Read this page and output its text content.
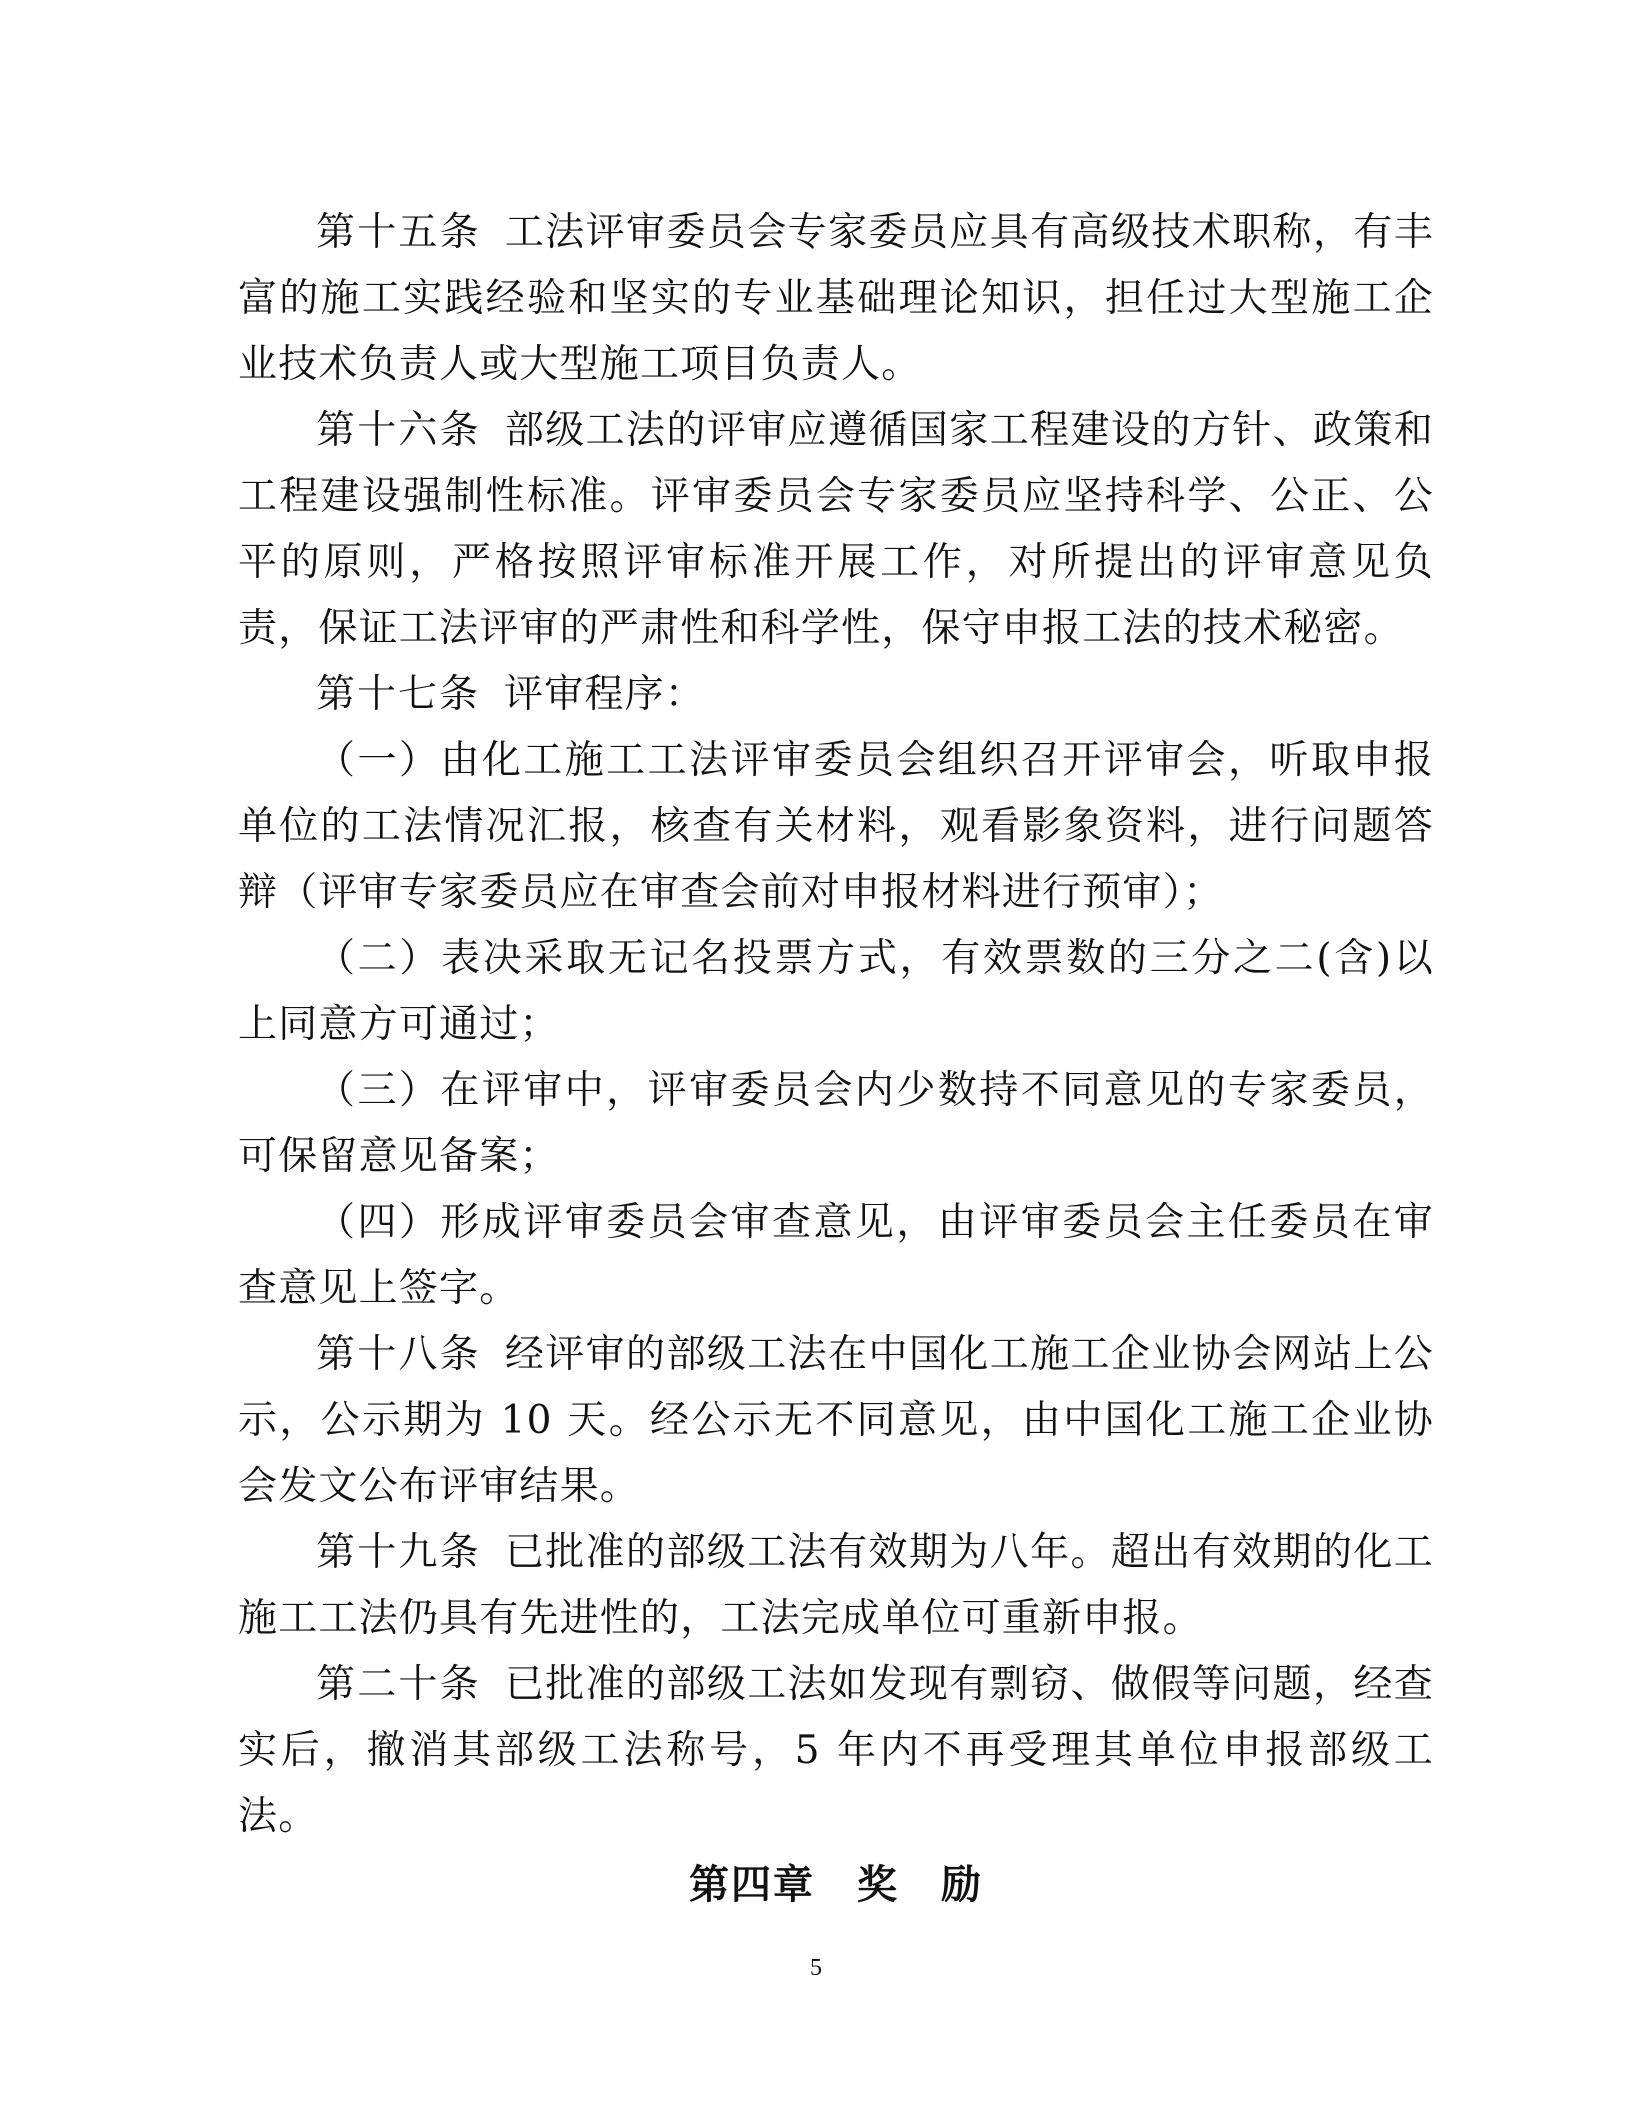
第十五条 工法评审委员会专家委员应具有高级技术职称，有丰富的施工实践经验和坚实的专业基础理论知识，担任过大型施工企业技术负责人或大型施工项目负责人。

第十六条 部级工法的评审应遵循国家工程建设的方针、政策和工程建设强制性标准。评审委员会专家委员应坚持科学、公正、公平的原则，严格按照评审标准开展工作，对所提出的评审意见负责，保证工法评审的严肃性和科学性，保守申报工法的技术秘密。

第十七条 评审程序：

（一）由化工施工工法评审委员会组织召开评审会，听取申报单位的工法情况汇报，核查有关材料，观看影象资料，进行问题答辩（评审专家委员应在审查会前对申报材料进行预审）；

（二）表决采取无记名投票方式，有效票数的三分之二(含)以上同意方可通过；

（三）在评审中，评审委员会内少数持不同意见的专家委员，可保留意见备案；

（四）形成评审委员会审查意见，由评审委员会主任委员在审查意见上签字。

第十八条 经评审的部级工法在中国化工施工企业协会网站上公示，公示期为 10 天。经公示无不同意见，由中国化工施工企业协会发文公布评审结果。

第十九条 已批准的部级工法有效期为八年。超出有效期的化工施工工法仍具有先进性的，工法完成单位可重新申报。

第二十条 已批准的部级工法如发现有剽窃、做假等问题，经查实后，撤消其部级工法称号，5 年内不再受理其单位申报部级工法。

第四章　奖　励
5
